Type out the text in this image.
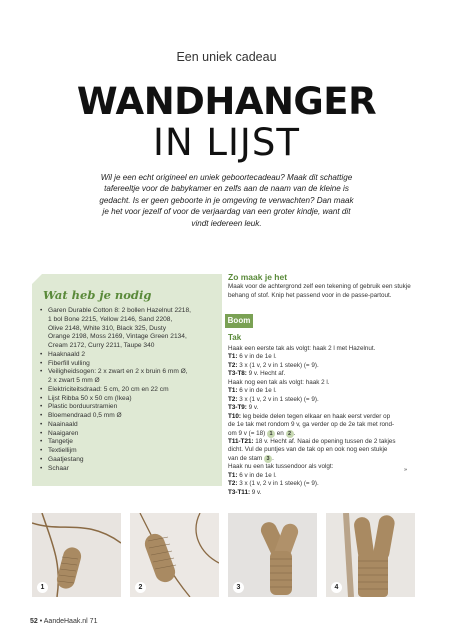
Een uniek cadeau
WANDHANGER
IN LIJST

Wil je een echt origineel en uniek geboortecadeau? Maak dit schattige

tafereeltje voor de babykamer en zelfs aan de naam van de kleine is

gedacht. Is er geen geboorte in je omgeving te verwachten? Dan maak

je het voor jezelf of voor de verjaardag van een groter kindje, want dit

vindt iedereen leuk.

Wat heb je nodig
• Garen Durable Cotton 8: 2 bollen Hazelnut 2218,
1 bol Bone 2215, Yellow 2146, Sand 2208,
Olive 2148, White 310, Black 325, Dusty
Orange 2198, Moss 2169, Vintage Green 2134,
Cream 2172, Curry 2211, Taupe 340
• Haaknaald 2
• Fiberfill vulling
• Veiligheidsogen: 2 x zwart en 2 x bruin 6 mm Ø,
2 x zwart 5 mm Ø
• Elektriciteitsdraad: 5 cm, 20 cm en 22 cm
• Lijst Ribba 50 x 50 cm (Ikea)
• Plastic borduurstramien
• Bloemendraad 0,5 mm Ø
• Naainaald
• Naaigaren
• Tangetje
• Textiellijm
• Gaatjestang
• Schaar
Zo maak je het
Maak voor de achtergrond zelf een tekening of gebruik een stukje behang of stof. Knip het passend voor in de passe-partout.
Boom
Tak
Haak een eerste tak als volgt: haak 2 l met Hazelnut.
T1: 6 v in de 1e l.
T2: 3 x (1 v, 2 v in 1 steek) (= 9).
T3-T8: 9 v. Hecht af.
Haak nog een tak als volgt: haak 2 l.
T1: 6 v in de 1e l.
T2: 3 x (1 v, 2 v in 1 steek) (= 9).
T3-T9: 9 v.
T10: leg beide delen tegen elkaar en haak eerst verder op
de 1e tak met rondom 9 v, ga verder op de 2e tak met rond-
om 9 v (= 18) 1 en 2 .
T11-T21: 18 v. Hecht af. Naai de opening tussen de 2 takjes
dicht. Vul de puntjes van de tak op en ook nog een stukje
van de stam 3 .
Haak nu een tak tussendoor als volgt:
T1: 6 v in de 1e l.
T2: 3 x (1 v, 2 v in 1 steek) (= 9).
T3-T11: 9 v.
»
1	2	3	4
52 • AandeHaak.nl 71
